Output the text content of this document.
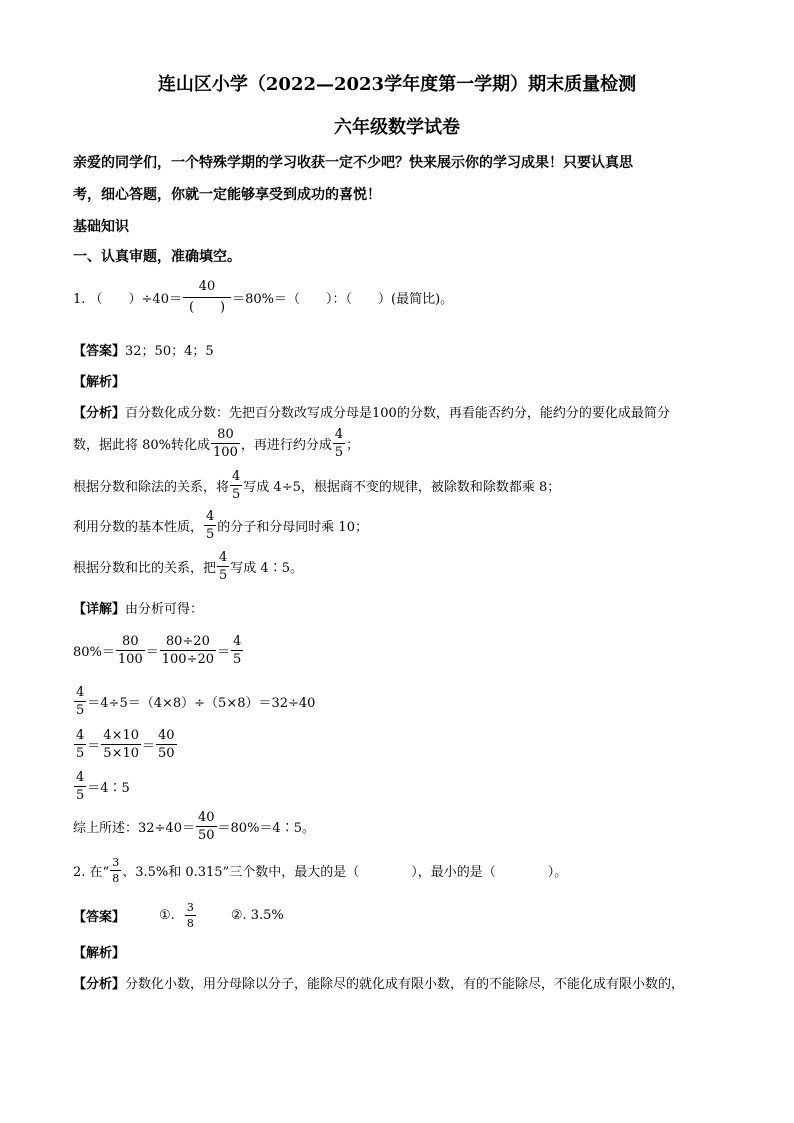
连山区小学（2022—2023学年度第一学期）期末质量检测
六年级数学试卷
亲爱的同学们，一个特殊学期的学习收获一定不少吧？快来展示你的学习成果！只要认真思
考，细心答题，你就一定能够享受到成功的喜悦！
基础知识
一、认真审题，准确填空。
1. （　　）$\div 40= \frac{40}{( )} =80\%=$（　　）：（　　）(最简比)。
【答案】32；50；4；5
【解析】
【分析】百分数化成分数：先把百分数改写成分母是100的分数，再看能否约分，能约分的要化成最简分
数，据此将 80%转化成 $\frac{80}{100}$ ，再进行约分成 $\frac{4}{5}$ ；
根据分数和除法的关系，将 $\frac{4}{5}$ 写成 4÷5，根据商不变的规律，被除数和除数都乘 8；
利用分数的基本性质， $\frac{4}{5}$ 的分子和分母同时乘 10；
根据分数和比的关系，把 $\frac{4}{5}$ 写成 4∶5。
【详解】由分析可得：
$80\%= \frac{80}{100} = \frac{80\div 20}{100\div 20} = \frac{4}{5}$
$\frac{4}{5} =4\div 5=(4\times 8)\div(5\times 8)=32\div 40$
$\frac{4}{5} = \frac{4\times 10}{5\times 10} = \frac{40}{50}$
$\frac{4}{5}$ ＝4∶5
综上所述：$32\div 40= \frac{40}{50}$ ＝80%＝4∶5。
2. 在“ $\frac{3}{8}$ 、3.5%和 0.315”三个数中，最大的是（　　　　），最小的是（　　　　）。
【答案】	①. $\frac{3}{8}$	②. 3.5%
【解析】
【分析】分数化小数，用分母除以分子，能除尽的就化成有限小数，有的不能除尽，不能化成有限小数的，
